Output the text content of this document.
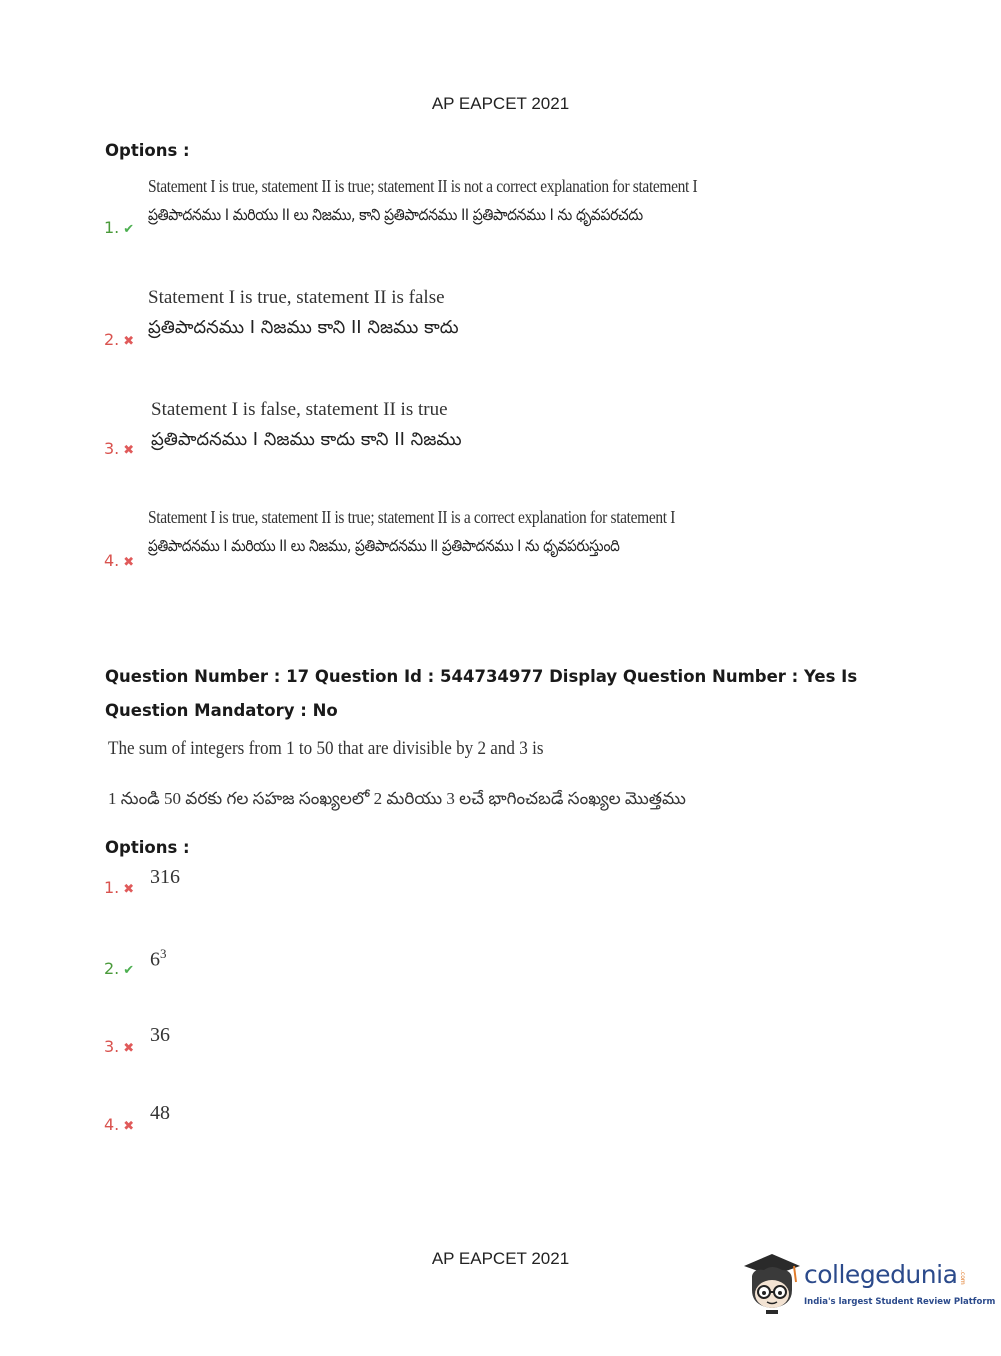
AP EAPCET 2021
Options :
1. ✔
Statement I is true, statement II is true; statement II is not a correct explanation for statement I
ప్రతిపాదనము I మరియు II లు నిజము, కాని ప్రతిపాదనము II ప్రతిపాదనము I ను ధృవపరచదు
2. ✖
Statement I is true, statement II is false
ప్రతిపాదనము I నిజము కాని II నిజము కాదు
3. ✖
Statement I is false, statement II is true
ప్రతిపాదనము I నిజము కాదు కాని II నిజము
4. ✖
Statement I is true, statement II is true; statement II is a correct explanation for statement I
ప్రతిపాదనము I మరియు II లు నిజము, ప్రతిపాదనము II ప్రతిపాదనము I ను ధృవపరుస్తుంది
Question Number : 17 Question Id : 544734977 Display Question Number : Yes Is Question Mandatory : No
The sum of integers from 1 to 50 that are divisible by 2 and 3 is
1 నుండి 50 వరకు గల సహజ సంఖ్యలలో 2 మరియు 3 లచే భాగించబడే సంఖ్యల మొత్తము
Options :
1. ✖
316
2. ✔ $6^3$
3. ✖
36
4. ✖
48
AP EAPCET 2021
collegedunia .com
India's largest Student Review Platform
